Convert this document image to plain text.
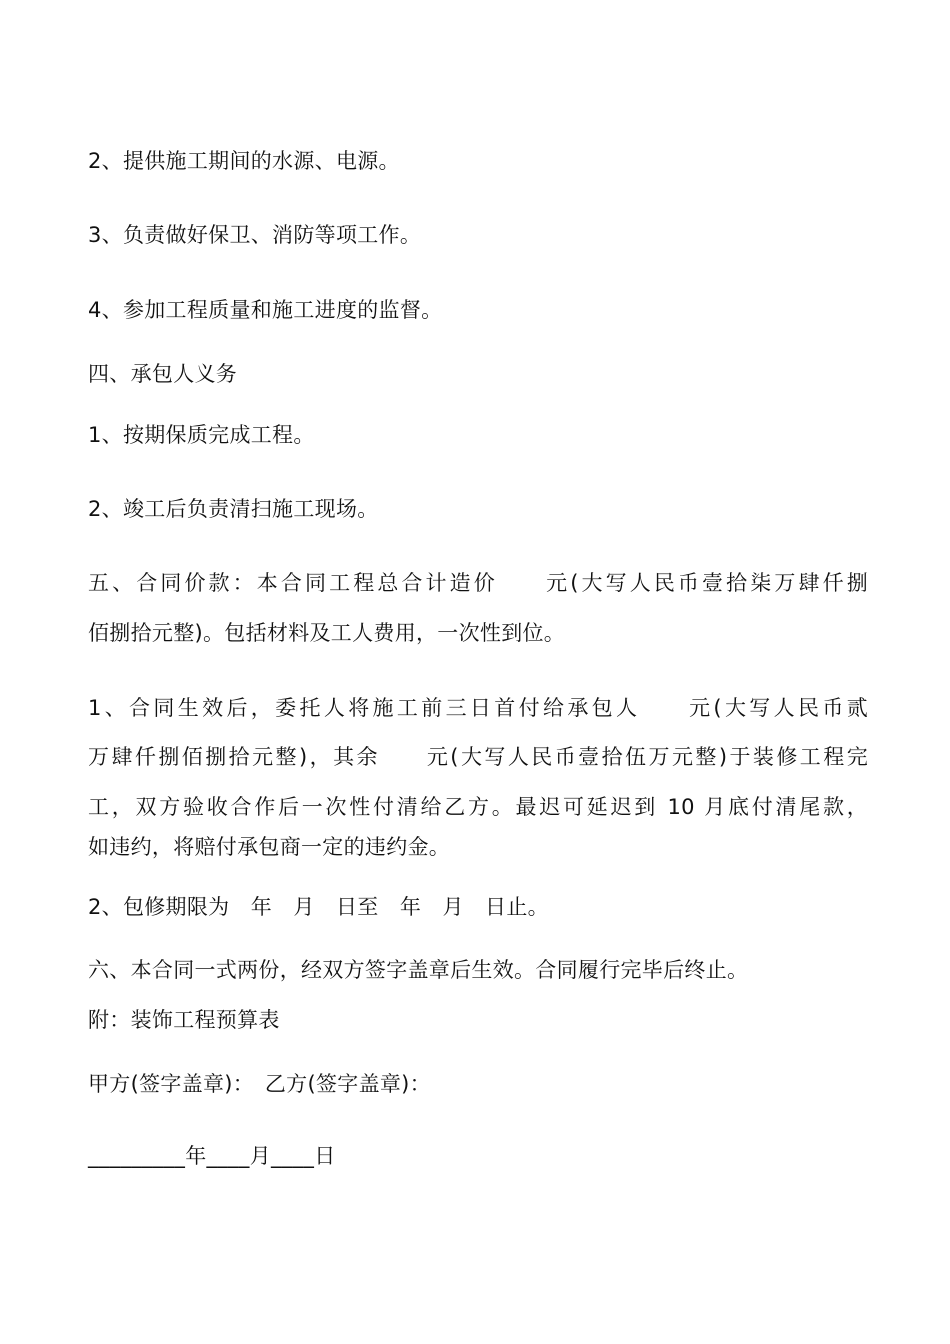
2、提供施工期间的水源、电源。
3、负责做好保卫、消防等项工作。
4、参加工程质量和施工进度的监督。
四、承包人义务
1、按期保质完成工程。
2、竣工后负责清扫施工现场。
五、合同价款：本合同工程总合计造价　　元(大写人民币壹拾柒万肆仟捌
佰捌拾元整)。包括材料及工人费用，一次性到位。
1、合同生效后，委托人将施工前三日首付给承包人　　元(大写人民币贰
万肆仟捌佰捌拾元整)，其余　　元(大写人民币壹拾伍万元整)于装修工程完
工，双方验收合作后一次性付清给乙方。最迟可延迟到 10 月底付清尾款，
如违约，将赔付承包商一定的违约金。
2、包修期限为　年　月　日至　年　月　日止。
六、本合同一式两份，经双方签字盖章后生效。合同履行完毕后终止。
附：装饰工程预算表
甲方(签字盖章)：　乙方(签字盖章)：
_________年____月____日
